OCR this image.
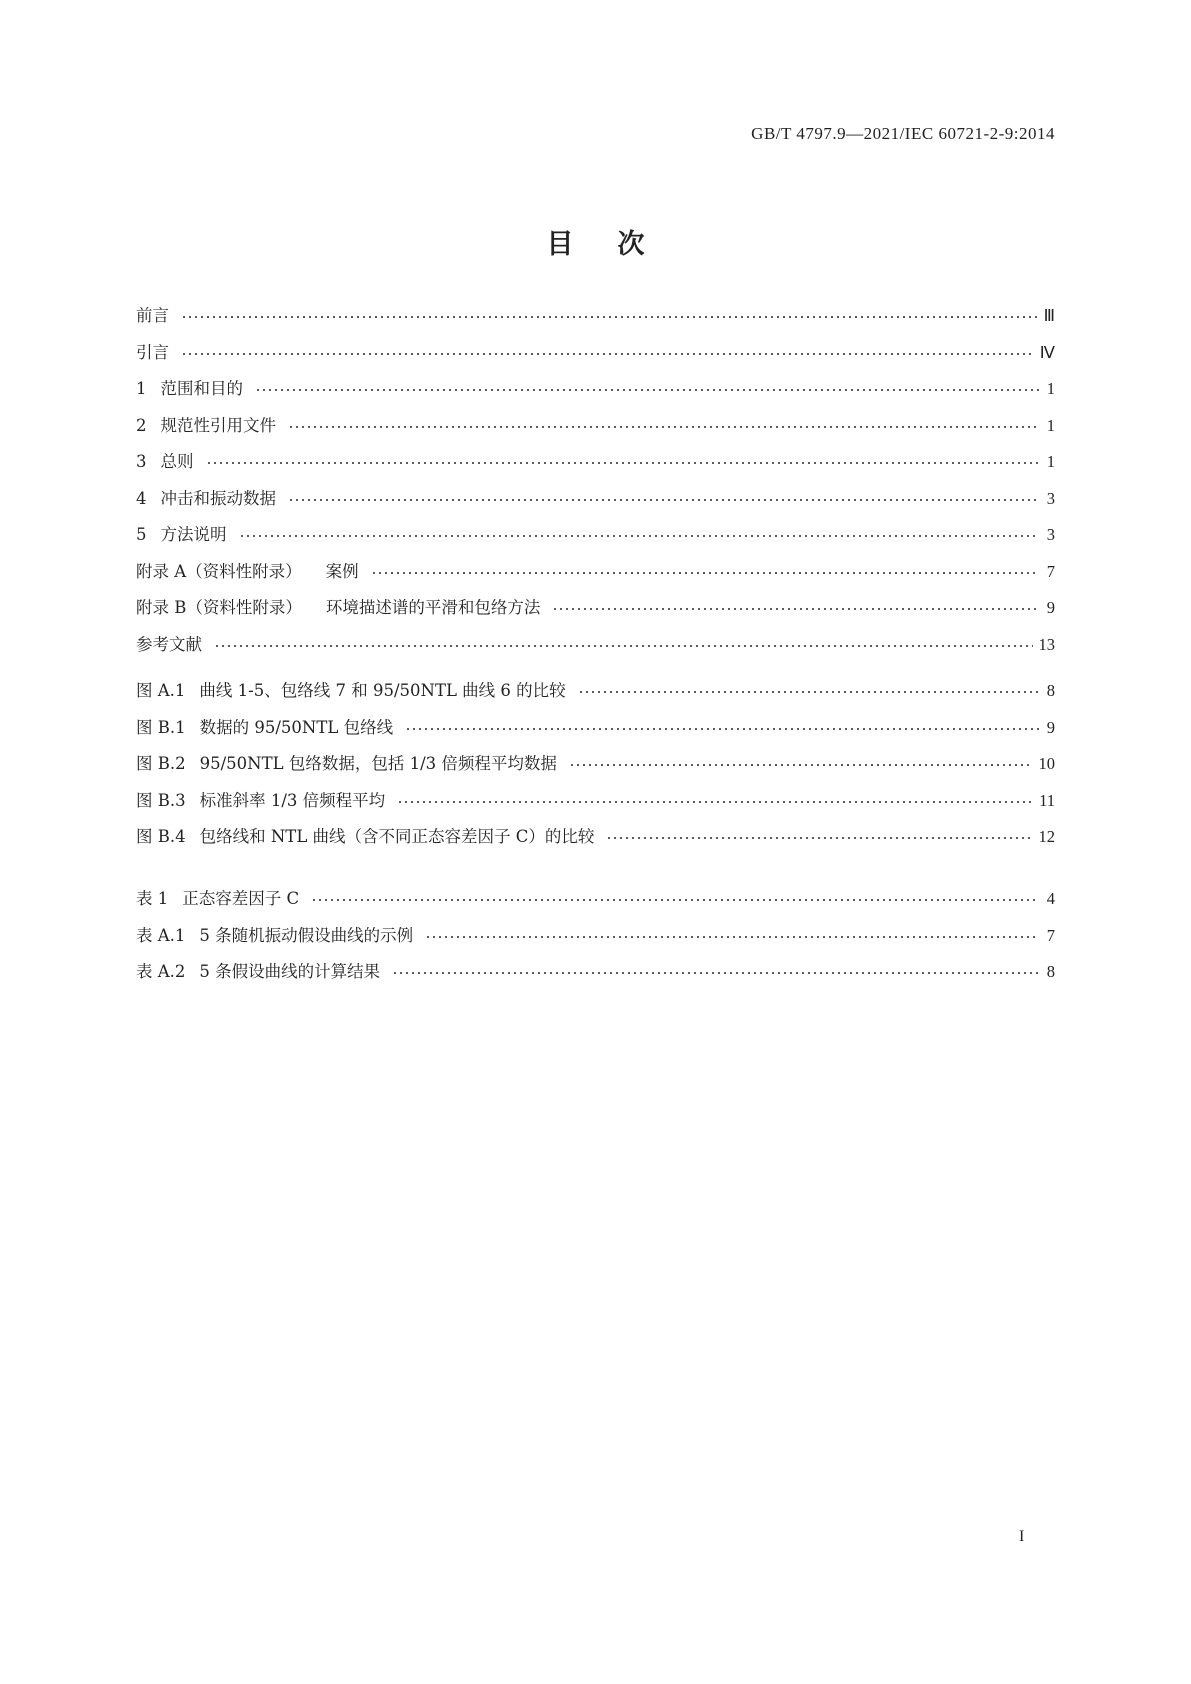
GB/T 4797.9—2021/IEC 60721-2-9:2014
目次
前言	Ⅲ
引言	Ⅳ
1 范围和目的	1
2 规范性引用文件	1
3 总则	1
4 冲击和振动数据	3
5 方法说明	3
附录 A（资料性附录） 案例	7
附录 B（资料性附录） 环境描述谱的平滑和包络方法	9
参考文献	13
图 A.1 曲线 1-5、包络线 7 和 95/50NTL 曲线 6 的比较	8
图 B.1 数据的 95/50NTL 包络线	9
图 B.2 95/50NTL 包络数据，包括 1/3 倍频程平均数据	10
图 B.3 标准斜率 1/3 倍频程平均	11
图 B.4 包络线和 NTL 曲线（含不同正态容差因子 C）的比较	12
表 1 正态容差因子 C	4
表 A.1 5 条随机振动假设曲线的示例	7
表 A.2 5 条假设曲线的计算结果	8
I
